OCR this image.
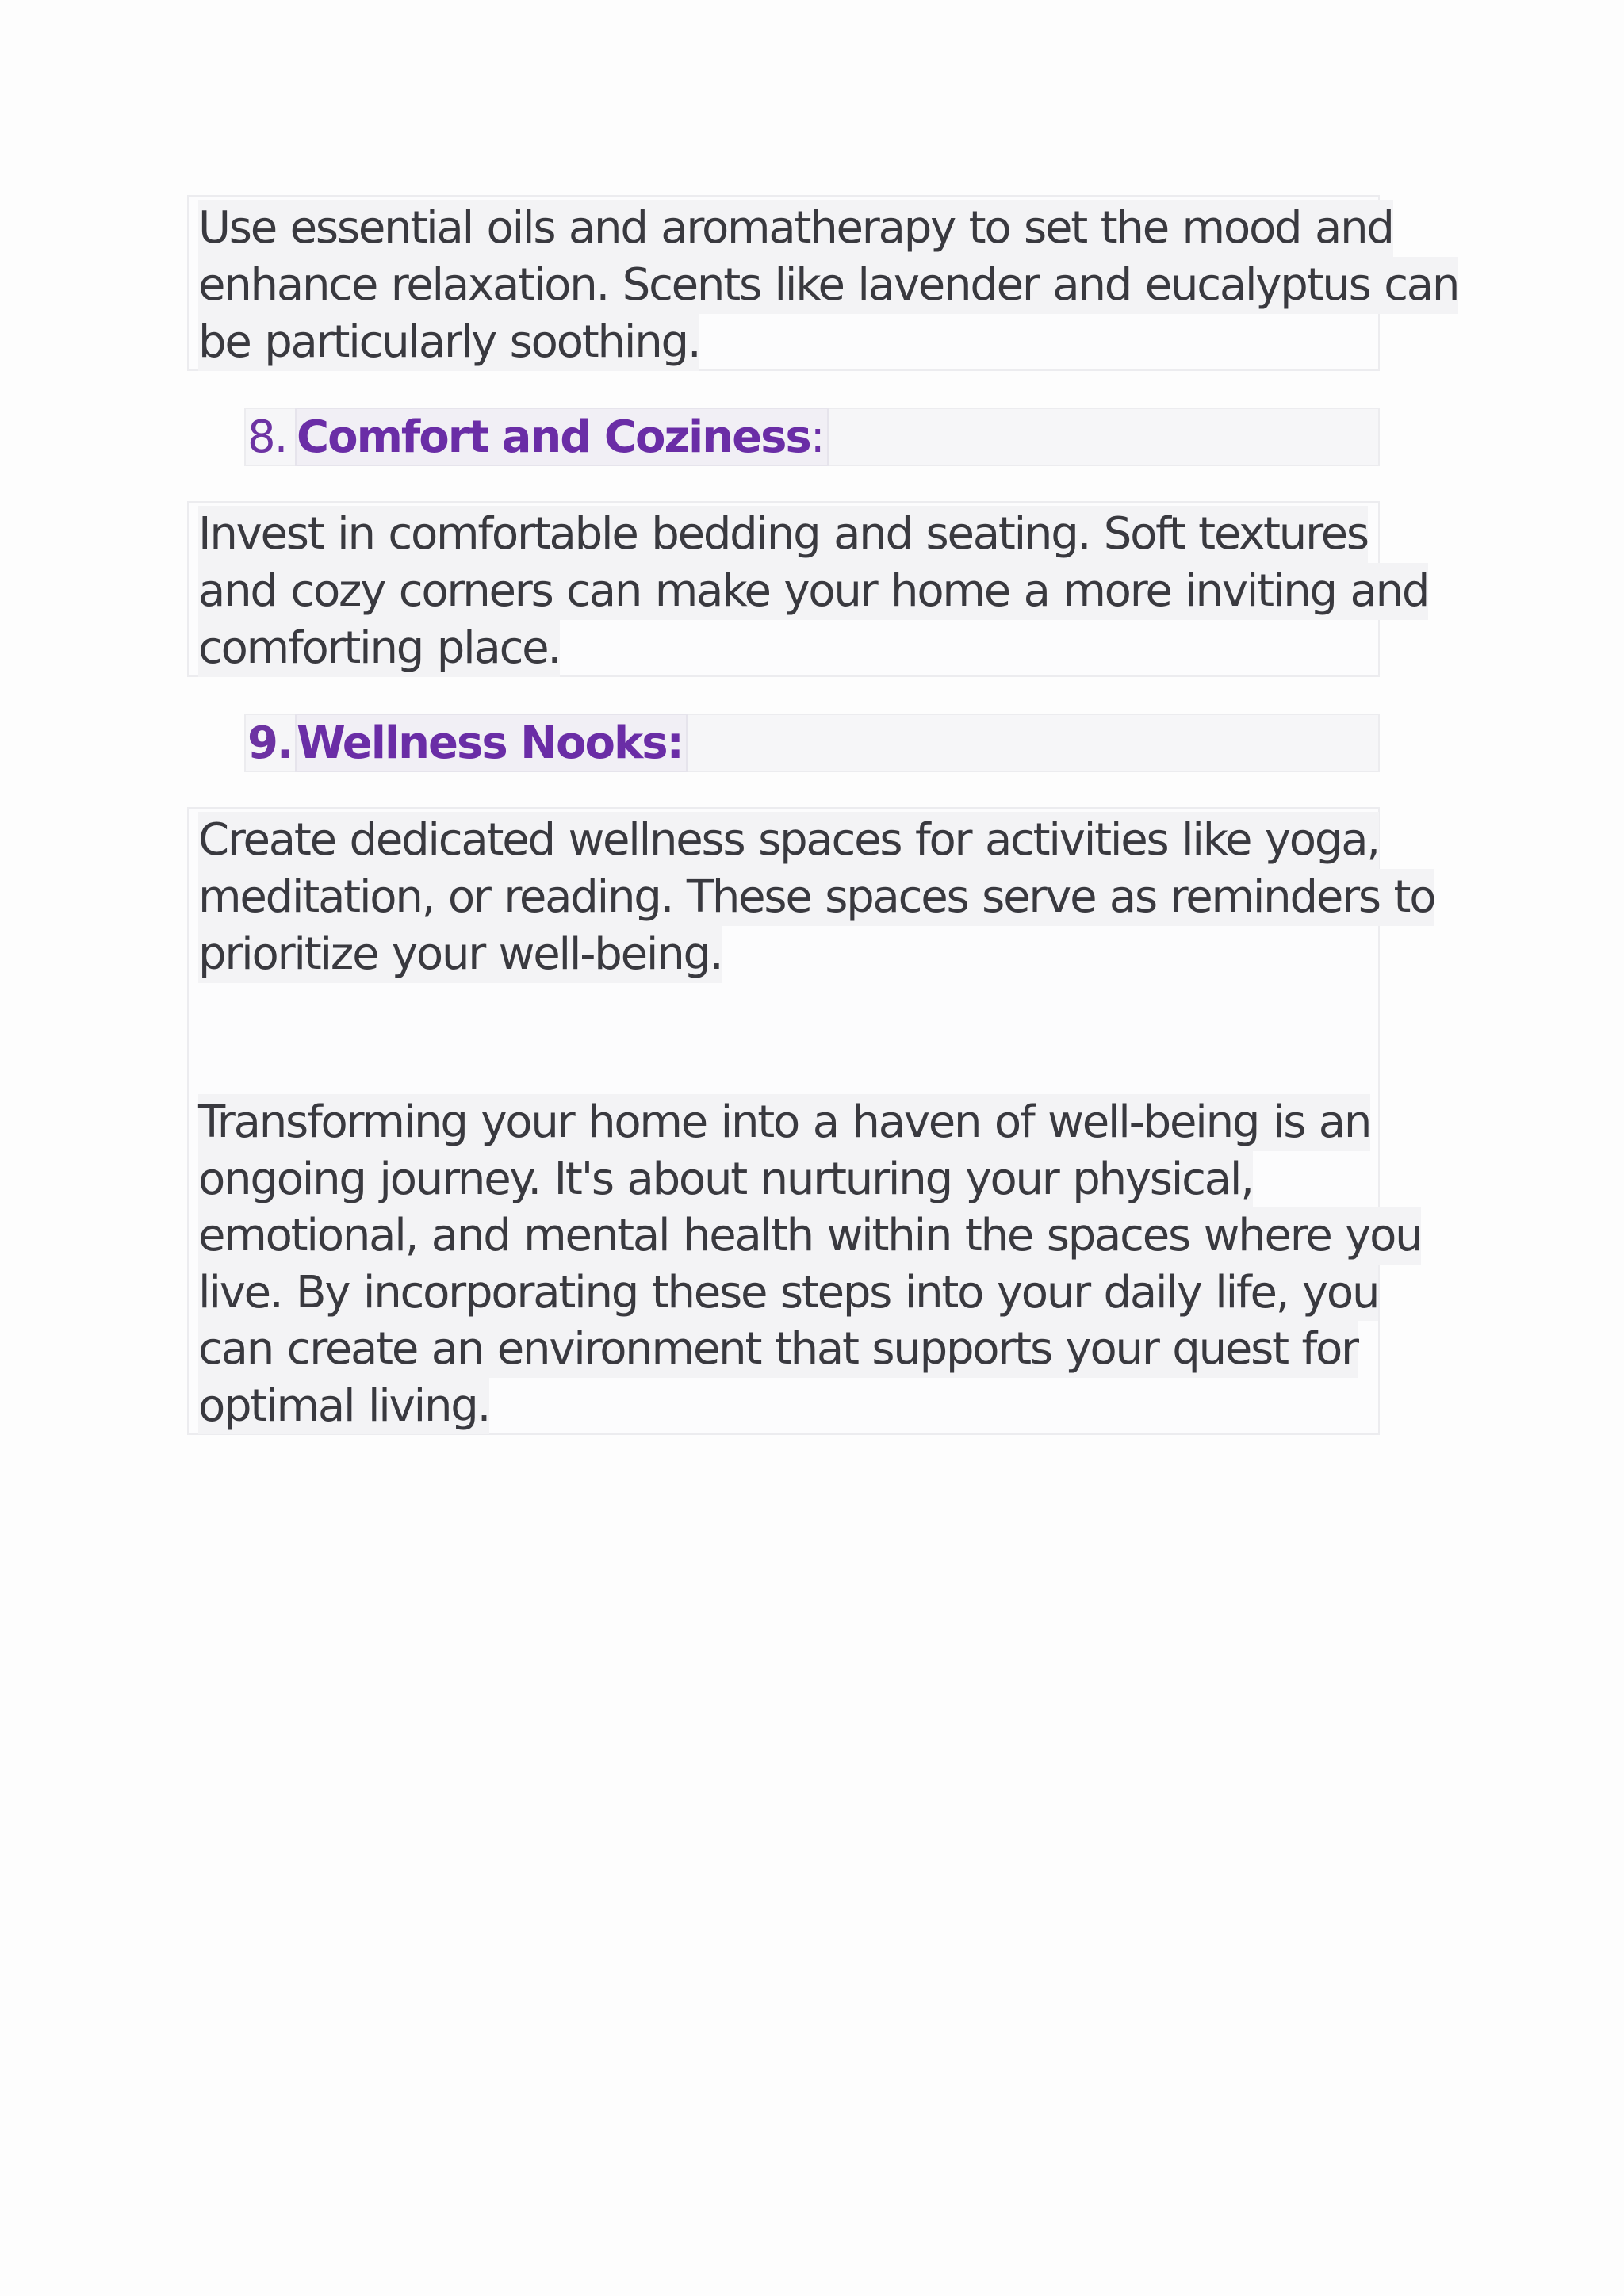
Use essential oils and aromatherapy to set the mood and
enhance relaxation. Scents like lavender and eucalyptus can
be particularly soothing.
8. Comfort and Coziness:
Invest in comfortable bedding and seating. Soft textures
and cozy corners can make your home a more inviting and
comforting place.
9. Wellness Nooks:
Create dedicated wellness spaces for activities like yoga,
meditation, or reading. These spaces serve as reminders to
prioritize your well-being.
Transforming your home into a haven of well-being is an
ongoing journey. It's about nurturing your physical,
emotional, and mental health within the spaces where you
live. By incorporating these steps into your daily life, you
can create an environment that supports your quest for
optimal living.
